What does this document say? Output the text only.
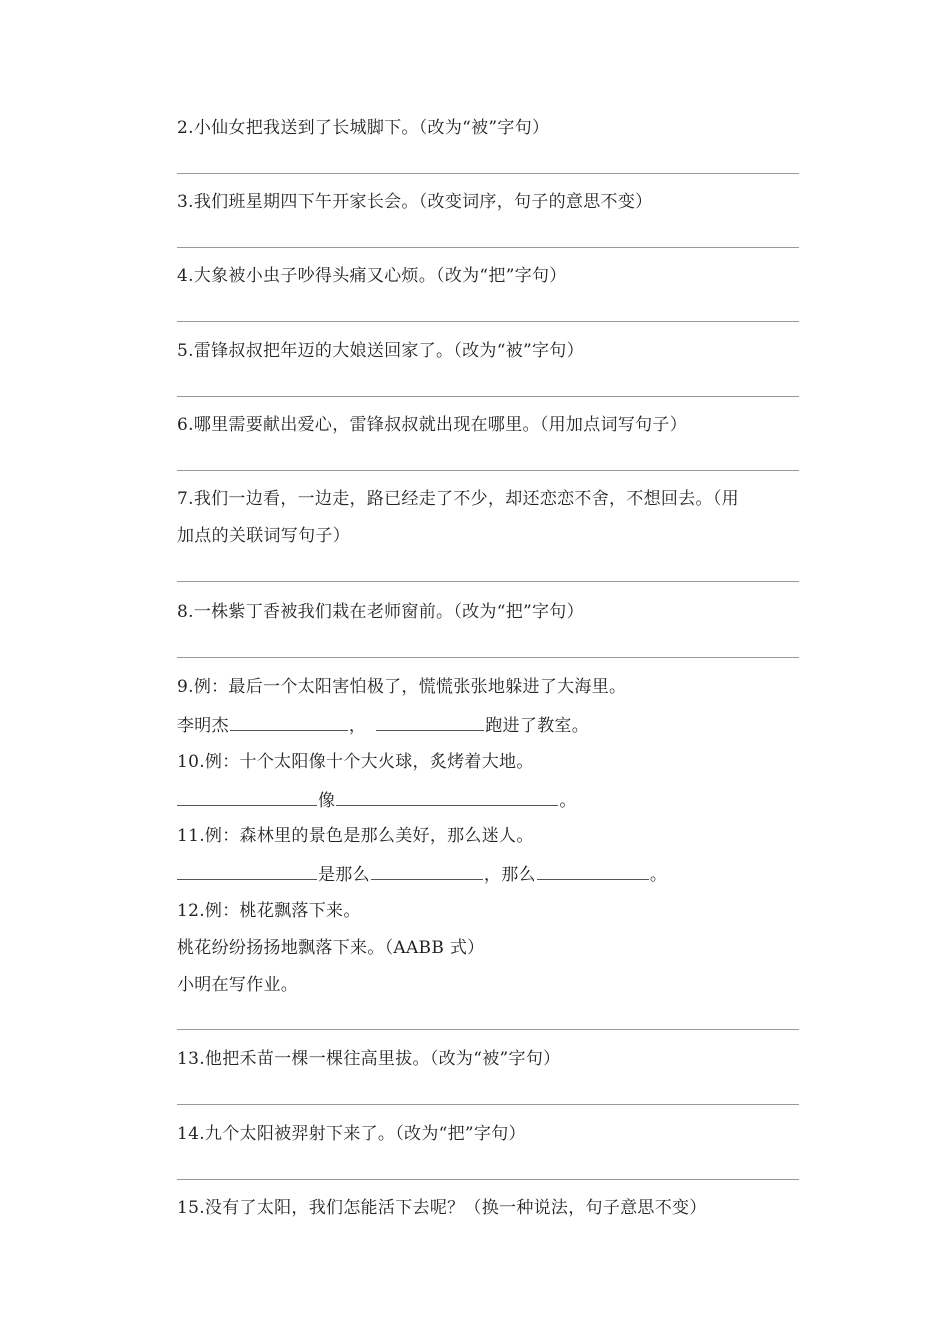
2.小仙女把我送到了长城脚下。（改为“被”字句）
3.我们班星期四下午开家长会。（改变词序，句子的意思不变）
4.大象被小虫子吵得头痛又心烦。（改为“把”字句）
5.雷锋叔叔把年迈的大娘送回家了。（改为“被”字句）
6.哪里需要献出爱心，雷锋叔叔就出现在哪里。（用加点词写句子）
7.我们一边看，一边走，路已经走了不少，却还恋恋不舍，不想回去。（用
加点的关联词写句子）
8.一株紫丁香被我们栽在老师窗前。（改为“把”字句）
9.例：最后一个太阳害怕极了，慌慌张张地躲进了大海里。
李明杰	，	跑进了教室。
10.例：十个太阳像十个大火球，炙烤着大地。
像	。
11.例：森林里的景色是那么美好，那么迷人。
是那么	，那么	。
12.例：桃花飘落下来。
桃花纷纷扬扬地飘落下来。（AABB 式）
小明在写作业。
13.他把禾苗一棵一棵往高里拔。（改为“被”字句）
14.九个太阳被羿射下来了。（改为“把”字句）
15.没有了太阳，我们怎能活下去呢？（换一种说法，句子意思不变）
